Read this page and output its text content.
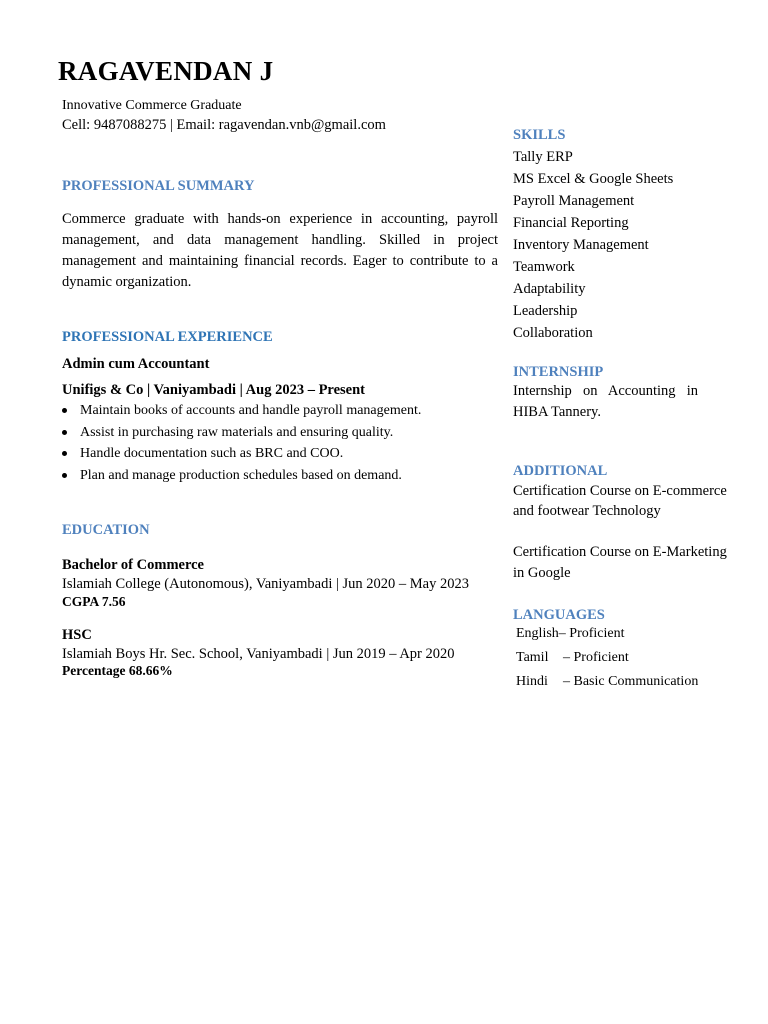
RAGAVENDAN J
Innovative Commerce Graduate
Cell: 9487088275 | Email: ragavendan.vnb@gmail.com
PROFESSIONAL SUMMARY
Commerce graduate with hands-on experience in accounting, payroll management, and data management handling. Skilled in project management and maintaining financial records. Eager to contribute to a dynamic organization.
PROFESSIONAL EXPERIENCE
Admin cum Accountant
Unifigs & Co | Vaniyambadi | Aug 2023 – Present
Maintain books of accounts and handle payroll management.
Assist in purchasing raw materials and ensuring quality.
Handle documentation such as BRC and COO.
Plan and manage production schedules based on demand.
EDUCATION
Bachelor of Commerce
Islamiah College (Autonomous), Vaniyambadi | Jun 2020 – May 2023
CGPA 7.56
HSC
Islamiah Boys Hr. Sec. School, Vaniyambadi | Jun 2019 – Apr 2020
Percentage 68.66%
SKILLS
Tally ERP
MS Excel & Google Sheets
Payroll Management
Financial Reporting
Inventory Management
Teamwork
Adaptability
Leadership
Collaboration
INTERNSHIP
Internship on Accounting in
HIBA Tannery.
ADDITIONAL
Certification Course on E-commerce
and footwear Technology
Certification Course on E-Marketing
in Google
LANGUAGES
English– Proficient
Tamil – Proficient
Hindi – Basic Communication
